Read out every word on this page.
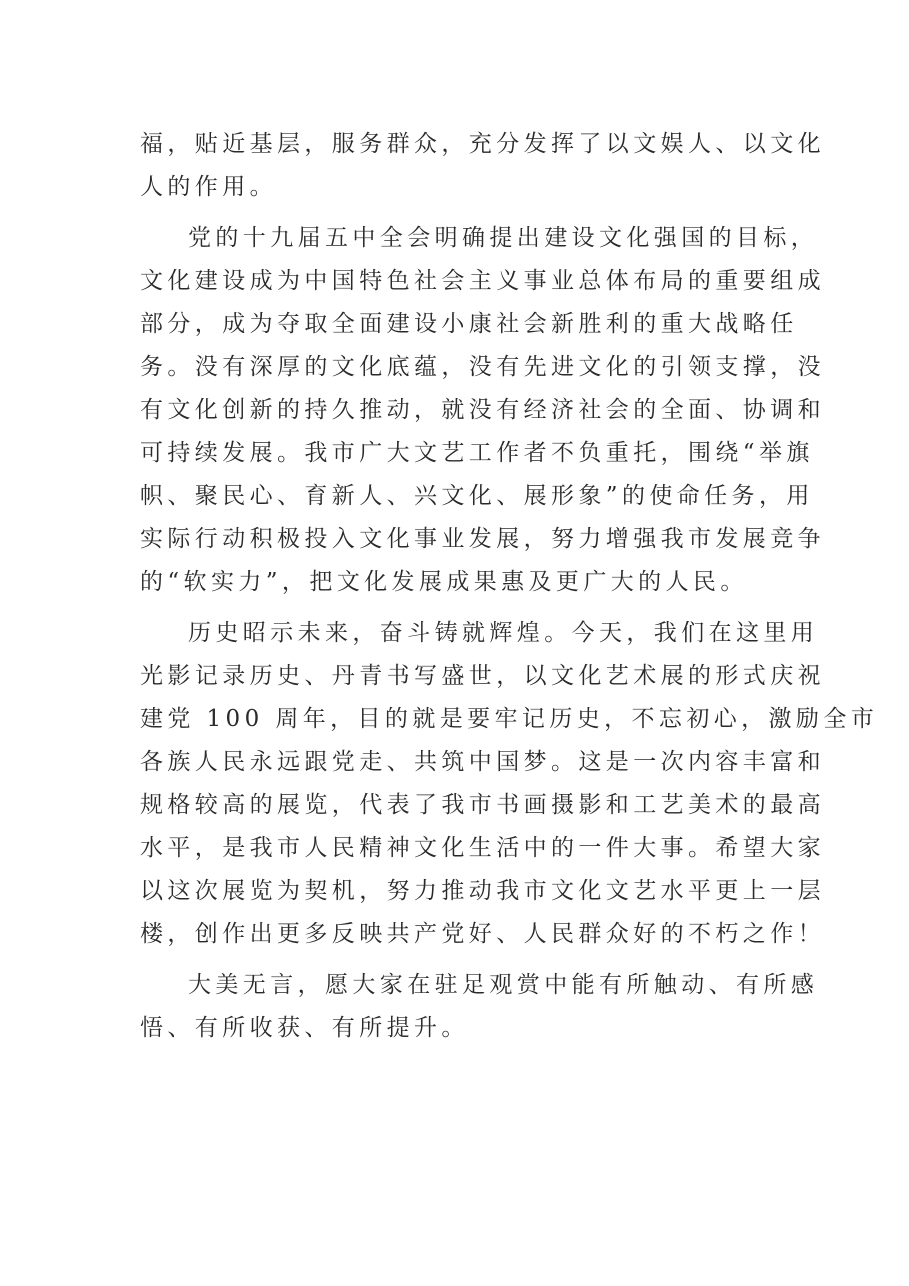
福，贴近基层，服务群众，充分发挥了以文娱人、以文化
人的作用。

党的十九届五中全会明确提出建设文化强国的目标，
文化建设成为中国特色社会主义事业总体布局的重要组成
部分，成为夺取全面建设小康社会新胜利的重大战略任
务。没有深厚的文化底蕴，没有先进文化的引领支撑，没
有文化创新的持久推动，就没有经济社会的全面、协调和
可持续发展。我市广大文艺工作者不负重托，围绕“举旗
帜、聚民心、育新人、兴文化、展形象”的使命任务，用
实际行动积极投入文化事业发展，努力增强我市发展竞争
的“软实力”，把文化发展成果惠及更广大的人民。

历史昭示未来，奋斗铸就辉煌。今天，我们在这里用
光影记录历史、丹青书写盛世，以文化艺术展的形式庆祝
建党 100 周年，目的就是要牢记历史，不忘初心，激励全市
各族人民永远跟党走、共筑中国梦。这是一次内容丰富和
规格较高的展览，代表了我市书画摄影和工艺美术的最高
水平，是我市人民精神文化生活中的一件大事。希望大家
以这次展览为契机，努力推动我市文化文艺水平更上一层
楼，创作出更多反映共产党好、人民群众好的不朽之作！

大美无言，愿大家在驻足观赏中能有所触动、有所感
悟、有所收获、有所提升。
